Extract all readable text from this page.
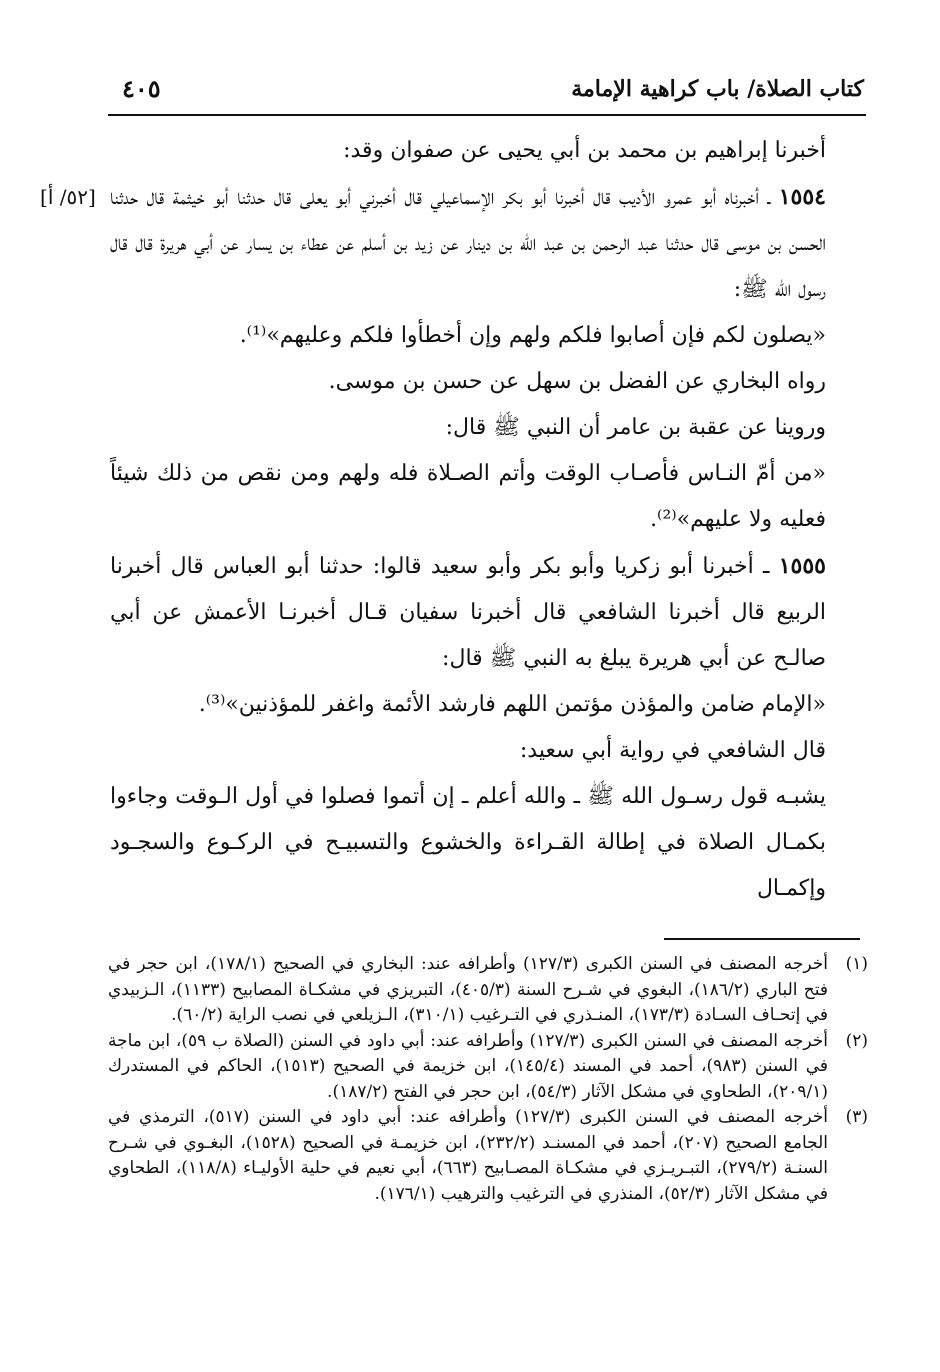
كتاب الصلاة/ باب كراهية الإمامة
٤٠٥

أخبرنا إبراهيم بن محمد بن أبي يحيى عن صفوان وقد:

[٥٢/ أ]	١٥٥٤ ـ أخبرناه أبو عمرو الأديب قال أخبرنا أبو بكر الإسماعيلي قال أخبرني أبو يعلى قال حدثنا أبو خيثمة قال حدثنا الحسن بن موسى قال حدثنا عبد الرحمن بن عبد الله بن دينار عن زيد بن أسلم عن عطاء بن يسار عن أبي هريرة قال قال رسول الله ﷺ:

«يصلون لكم فإن أصابوا فلكم ولهم وإن أخطأوا فلكم وعليهم»⁽¹⁾.

رواه البخاري عن الفضل بن سهل عن حسن بن موسى.

وروينا عن عقبة بن عامر أن النبي ﷺ قال:

«من أمّ النـاس فأصـاب الوقت وأتم الصـلاة فله ولهم ومن نقص من ذلك شيئاً فعليه ولا عليهم»⁽²⁾.

١٥٥٥ ـ أخبرنا أبو زكريا وأبو بكر وأبو سعيد قالوا: حدثنا أبو العباس قال أخبرنا الربيع قال أخبرنا الشافعي قال أخبرنا سفيان قـال أخبرنـا الأعمش عن أبي صالـح عن أبي هريرة يبلغ به النبي ﷺ قال:

«الإمام ضامن والمؤذن مؤتمن اللهم فارشد الأئمة واغفر للمؤذنين»⁽³⁾.

قال الشافعي في رواية أبي سعيد:

يشبـه قول رسـول الله ﷺ ـ والله أعلم ـ إن أتموا فصلوا في أول الـوقت وجاءوا بكمـال الصلاة في إطالة القـراءة والخشوع والتسبيـح في الركـوع والسجـود وإكمـال

(١)
أخرجه المصنف في السنن الكبرى (١٢٧/٣) وأطرافه عند: البخاري في الصحيح (١٧٨/١)، ابن حجر في فتح الباري (١٨٦/٢)، البغوي في شـرح السنة (٤٠٥/٣)، التبريزي في مشكـاة المصابيح (١١٣٣)، الـزبيدي في إتحـاف السـادة (١٧٣/٣)، المنـذري في التـرغيب (٣١٠/١)، الـزيلعي في نصب الراية (٦٠/٢).
(٢)
أخرجه المصنف في السنن الكبرى (١٢٧/٣) وأطرافه عند: أبي داود في السنن (الصلاة ب ٥٩)، ابن ماجة في السنن (٩٨٣)، أحمد في المسند (١٤٥/٤)، ابن خزيمة في الصحيح (١٥١٣)، الحاكم في المستدرك (٢٠٩/١)، الطحاوي في مشكل الآثار (٥٤/٣)، ابن حجر في الفتح (١٨٧/٢).
(٣)
أخرجه المصنف في السنن الكبرى (١٢٧/٣) وأطرافه عند: أبي داود في السنن (٥١٧)، الترمذي في الجامع الصحيح (٢٠٧)، أحمد في المسنـد (٢٣٢/٢)، ابن خزيمـة في الصحيح (١٥٢٨)، البغـوي في شـرح السنـة (٢٧٩/٢)، التبـريـزي في مشكـاة المصـابيح (٦٦٣)، أبي نعيم في حلية الأوليـاء (١١٨/٨)، الطحاوي في مشكل الآثار (٥٢/٣)، المنذري في الترغيب والترهيب (١٧٦/١).
